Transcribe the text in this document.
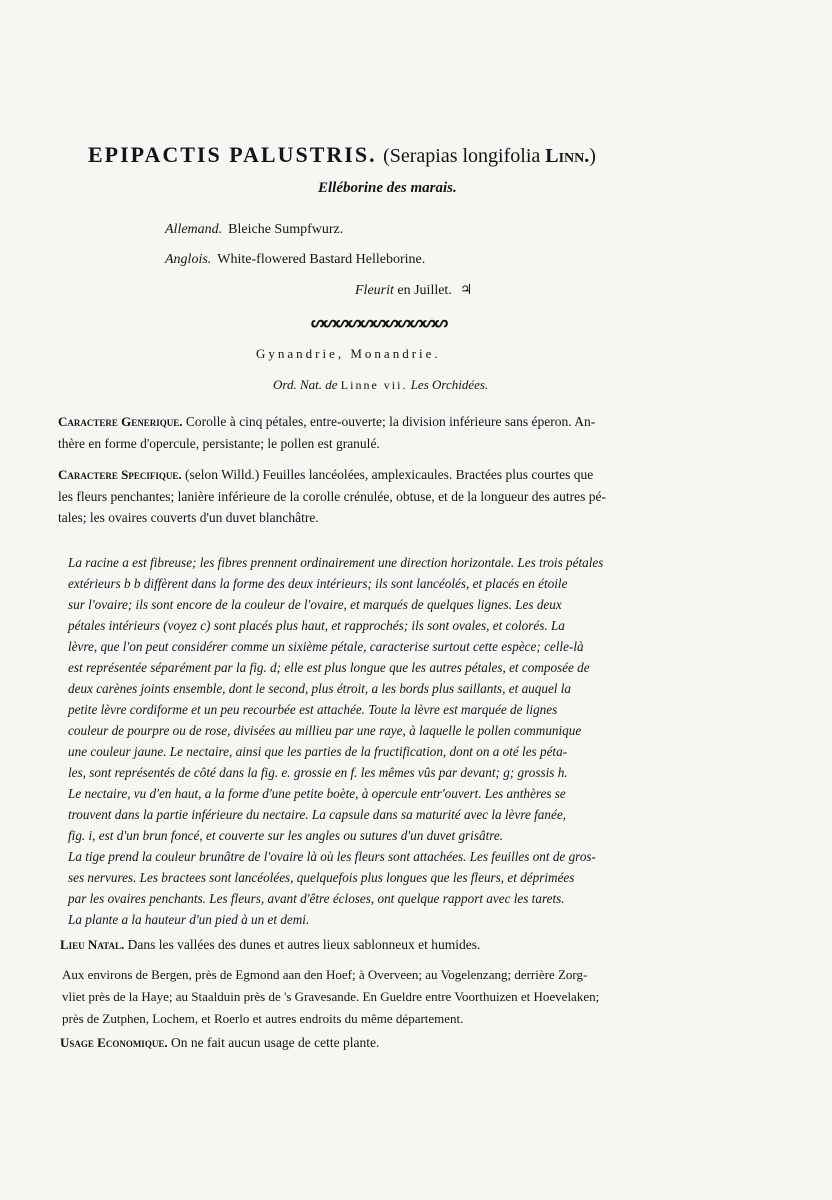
EPIPACTIS PALUSTRIS. (Serapias longifolia Linn.)
Elléborine des marais.
Allemand. Bleiche Sumpfwurz.
Anglois. White-flowered Bastard Helleborine.
Fleurit en Juillet. ♃
ᔕᔕᔕᔕᔕᔕᔕᔕᔕᔕᔕ
Gynandrie, Monandrie.
Ord. Nat. de Linne vii. Les Orchidées.
Caractere Generique. Corolle à cinq pétales, entre-ouverte; la division inférieure sans éperon. An-
thère en forme d'opercule, persistante; le pollen est granulé.
Caractere Specifique. (selon Willd.) Feuilles lancéolées, amplexicaules. Bractées plus courtes que
les fleurs penchantes; lanière inférieure de la corolle crénulée, obtuse, et de la longueur des autres pé-
tales; les ovaires couverts d'un duvet blanchâtre.
La racine a est fibreuse; les fibres prennent ordinairement une direction horizontale. Les trois pétales
extérieurs b b diffèrent dans la forme des deux intérieurs; ils sont lancéolés, et placés en étoile
sur l'ovaire; ils sont encore de la couleur de l'ovaire, et marqués de quelques lignes. Les deux
pétales intérieurs (voyez c) sont placés plus haut, et rapprochés; ils sont ovales, et colorés. La
lèvre, que l'on peut considérer comme un sixième pétale, caracterise surtout cette espèce; celle-là
est représentée séparément par la fig. d; elle est plus longue que les autres pétales, et composée de
deux carènes joints ensemble, dont le second, plus étroit, a les bords plus saillants, et auquel la
petite lèvre cordiforme et un peu recourbée est attachée. Toute la lèvre est marquée de lignes
couleur de pourpre ou de rose, divisées au millieu par une raye, à laquelle le pollen communique
une couleur jaune. Le nectaire, ainsi que les parties de la fructification, dont on a oté les péta-
les, sont représentés de côté dans la fig. e. grossie en f. les mêmes vûs par devant; g; grossis h.
Le nectaire, vu d'en haut, a la forme d'une petite boète, à opercule entr'ouvert. Les anthères se
trouvent dans la partie inférieure du nectaire. La capsule dans sa maturité avec la lèvre fanée,
fig. i, est d'un brun foncé, et couverte sur les angles ou sutures d'un duvet grisâtre.
La tige prend la couleur brunâtre de l'ovaire là où les fleurs sont attachées. Les feuilles ont de gros-
ses nervures. Les bractees sont lancéolées, quelquefois plus longues que les fleurs, et déprimées
par les ovaires penchants. Les fleurs, avant d'être écloses, ont quelque rapport avec les tarets.
La plante a la hauteur d'un pied à un et demi.
Lieu Natal. Dans les vallées des dunes et autres lieux sablonneux et humides.
Aux environs de Bergen, près de Egmond aan den Hoef; à Overveen; au Vogelenzang; derrière Zorg-
vliet près de la Haye; au Staalduin près de 's Gravesande. En Gueldre entre Voorthuizen et Hoevelaken;
près de Zutphen, Lochem, et Roerlo et autres endroits du même département.
Usage Economique. On ne fait aucun usage de cette plante.
